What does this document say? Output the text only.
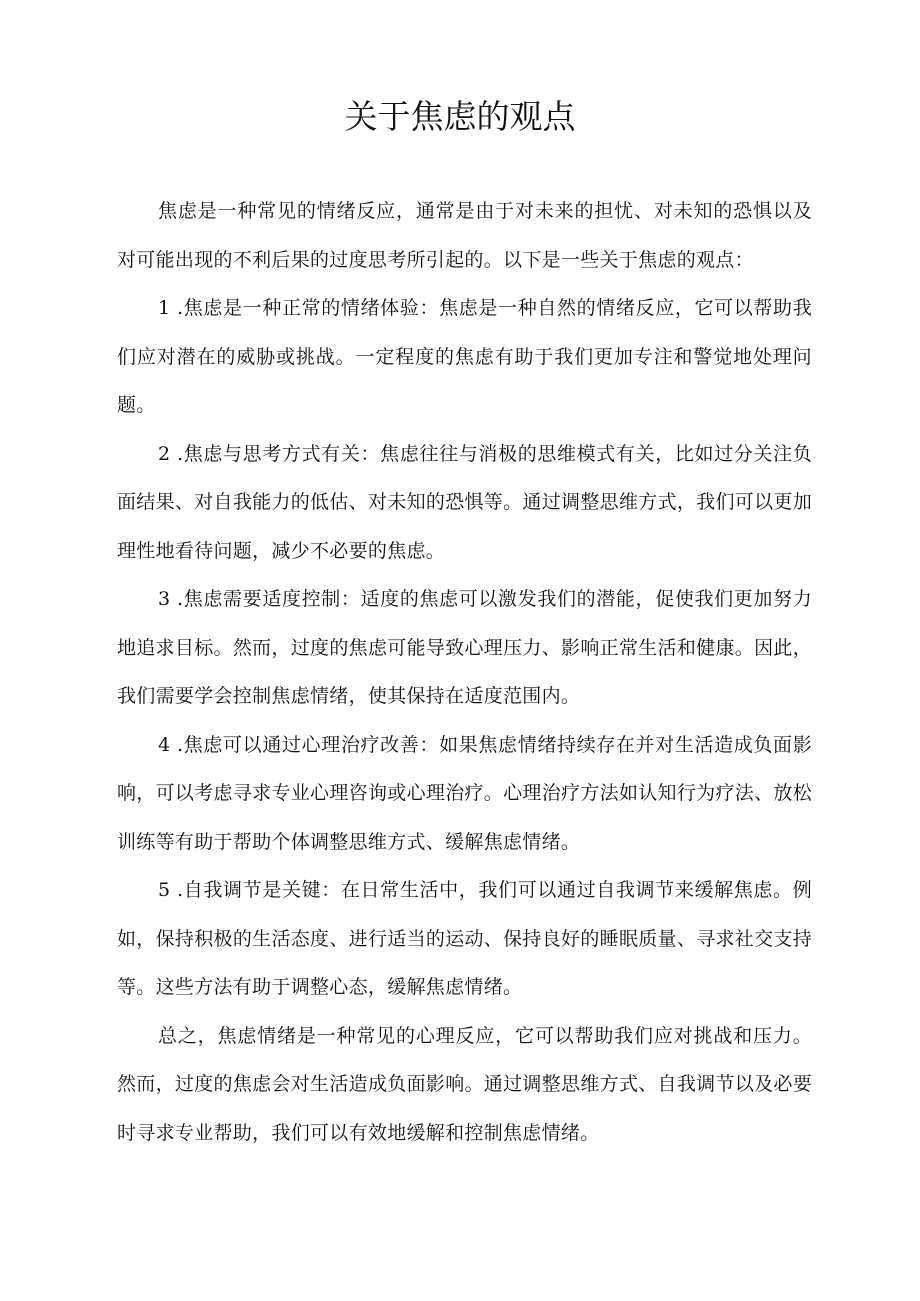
关于焦虑的观点

焦虑是一种常见的情绪反应，通常是由于对未来的担忧、对未知的恐惧以及对可能出现的不利后果的过度思考所引起的。以下是一些关于焦虑的观点：

1 .焦虑是一种正常的情绪体验：焦虑是一种自然的情绪反应，它可以帮助我们应对潜在的威胁或挑战。一定程度的焦虑有助于我们更加专注和警觉地处理问题。

2 .焦虑与思考方式有关：焦虑往往与消极的思维模式有关，比如过分关注负面结果、对自我能力的低估、对未知的恐惧等。通过调整思维方式，我们可以更加理性地看待问题，减少不必要的焦虑。

3 .焦虑需要适度控制：适度的焦虑可以激发我们的潜能，促使我们更加努力地追求目标。然而，过度的焦虑可能导致心理压力、影响正常生活和健康。因此，我们需要学会控制焦虑情绪，使其保持在适度范围内。

4 .焦虑可以通过心理治疗改善：如果焦虑情绪持续存在并对生活造成负面影响，可以考虑寻求专业心理咨询或心理治疗。心理治疗方法如认知行为疗法、放松训练等有助于帮助个体调整思维方式、缓解焦虑情绪。

5 .自我调节是关键：在日常生活中，我们可以通过自我调节来缓解焦虑。例如，保持积极的生活态度、进行适当的运动、保持良好的睡眠质量、寻求社交支持等。这些方法有助于调整心态，缓解焦虑情绪。

总之，焦虑情绪是一种常见的心理反应，它可以帮助我们应对挑战和压力。然而，过度的焦虑会对生活造成负面影响。通过调整思维方式、自我调节以及必要时寻求专业帮助，我们可以有效地缓解和控制焦虑情绪。
